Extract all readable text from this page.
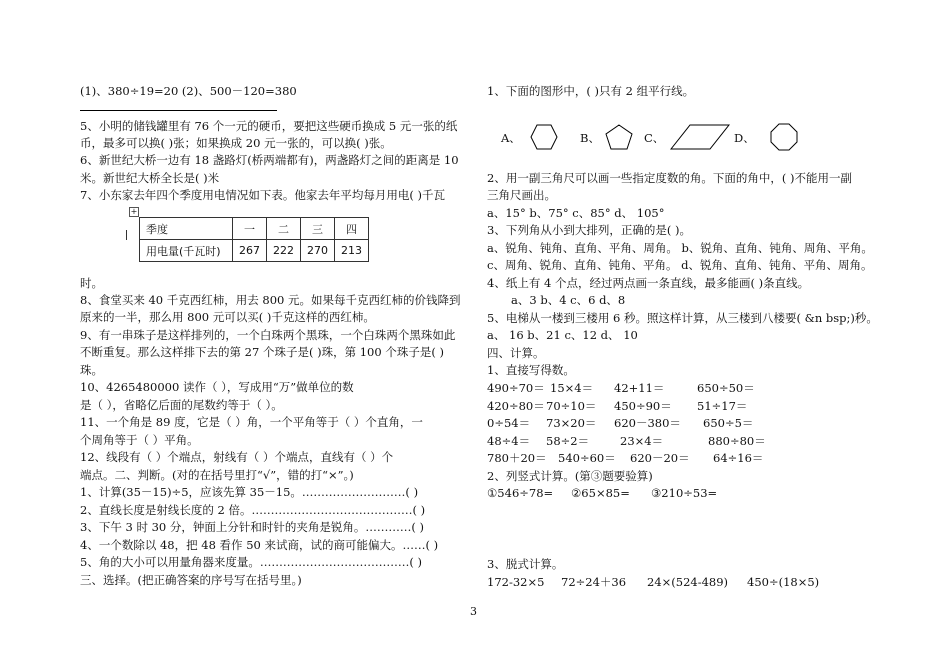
(1)、380÷19=20 (2)、500－120=380
5、小明的储钱罐里有 76 个一元的硬币，要把这些硬币换成 5 元一张的纸
币，最多可以换( )张；如果换成 20 元一张的，可以换( )张。
6、新世纪大桥一边有 18 盏路灯(桥两端都有)，两盏路灯之间的距离是 10
米。新世纪大桥全长是( )米
7、小东家去年四个季度用电情况如下表。他家去年平均每月用电( )千瓦
+
季度	一	二	三	四
用电量(千瓦时)	267	222	270	213
时。
8、食堂买来 40 千克西红柿，用去 800 元。如果每千克西红柿的价钱降到
原来的一半，那么用 800 元可以买( )千克这样的西红柿。
9、有一串珠子是这样排列的，一个白珠两个黑珠，一个白珠两个黑珠如此
不断重复。那么这样排下去的第 27 个珠子是( )珠，第 100 个珠子是( )
珠。
10、4265480000 读作（ ），写成用“万”做单位的数
是（ ），省略亿后面的尾数约等于（ ）。
11、一个角是 89 度，它是（ ）角，一个平角等于（ ）个直角，一
个周角等于（ ）平角。
12、线段有（ ）个端点，射线有（ ）个端点，直线有（ ）个
端点。二、判断。(对的在括号里打“√”，错的打“×”。)
1、计算(35－15)÷5，应该先算 35－15。………………………( )
2、直线长度是射线长度的 2 倍。……………………………………( )
3、下午 3 时 30 分，钟面上分针和时针的夹角是锐角。…………( )
4、一个数除以 48，把 48 看作 50 来试商，试的商可能偏大。……( )
5、角的大小可以用量角器来度量。…………………………………( )
三、选择。(把正确答案的序号写在括号里。)
1、下面的图形中，( )只有 2 组平行线。
A、	B、	C、	D、
2、用一副三角尺可以画一些指定度数的角。下面的角中，( )不能用一副
三角尺画出。
a、15° b、75° c、85° d、 105°
3、下列角从小到大排列，正确的是( )。
a、锐角、钝角、直角、平角、周角。 b、锐角、直角、钝角、周角、平角。
c、周角、锐角、直角、钝角、平角。 d、锐角、直角、钝角、平角、周角。
4、纸上有 4 个点，经过两点画一条直线，最多能画( )条直线。
a、3 b、4 c、6 d、8
5、电梯从一楼到三楼用 6 秒。照这样计算，从三楼到八楼要( &n bsp;)秒。
a、 16 b、21 c、12 d、 10
四、计算。
1、直接写得数。
490÷70＝ 15×4＝ 42+11＝	650÷50＝
420÷80＝ 70÷10＝ 450÷90＝ 51÷17＝
0÷54＝ 73×20＝ 620－380＝ 650÷5＝
48÷4＝ 58÷2＝	23×4＝	880÷80＝
780＋20＝ 540÷60＝ 620－20＝ 64÷16＝
2、列竖式计算。(第③题要验算)
①546÷78= ②65×85= ③210÷53=
3、脱式计算。
172-32×5 72÷24＋36 24×(524-489) 450÷(18×5)
3
